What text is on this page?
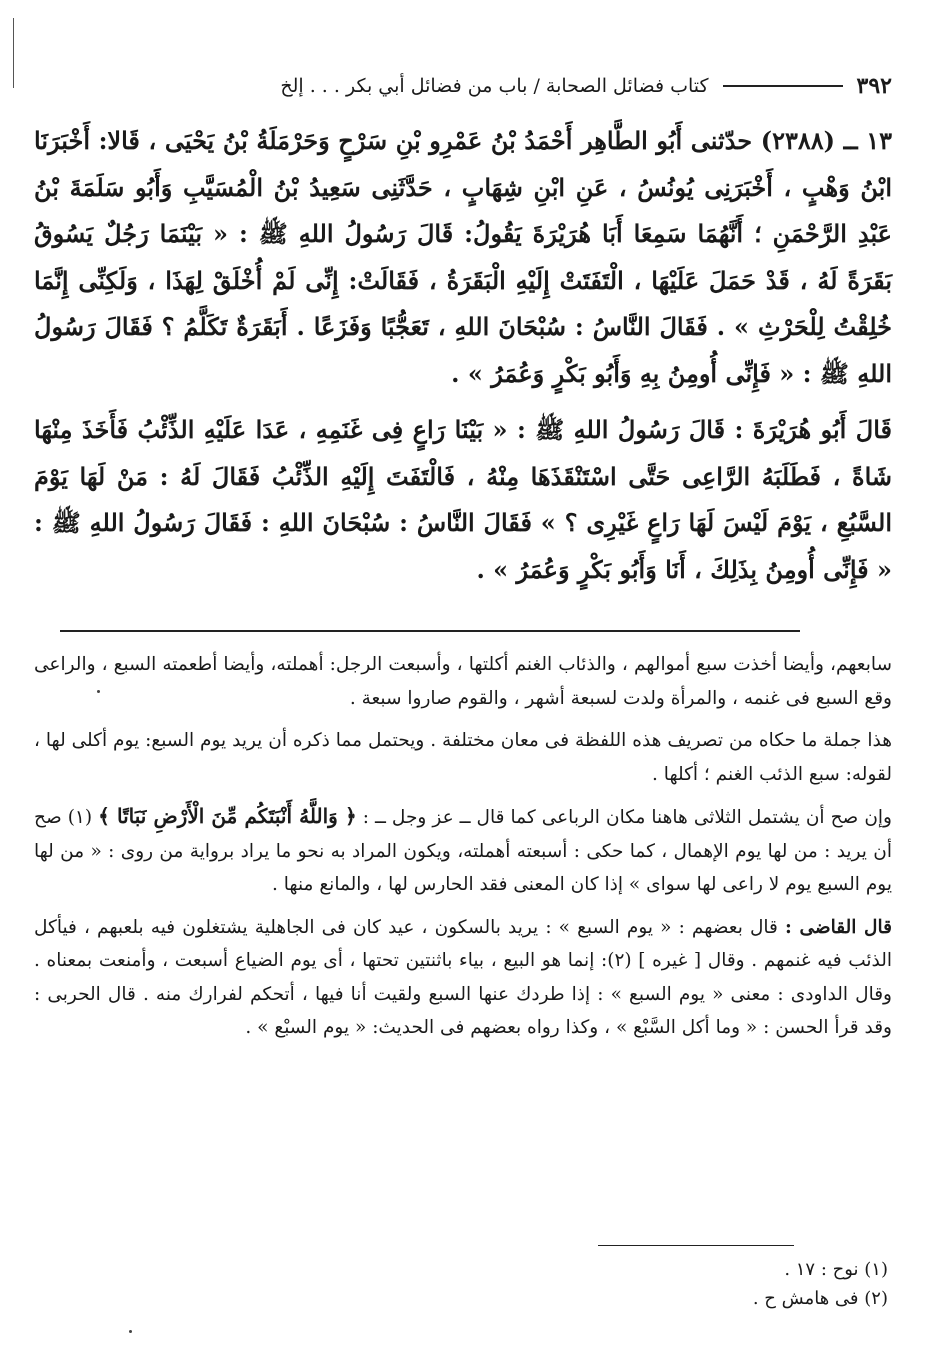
٣٩٢
كتاب فضائل الصحابة / باب من فضائل أبي بكر . . . إلخ

١٣ ــ (٢٣٨٨) حدّثنى أَبُو الطَّاهِر أَحْمَدُ بْنُ عَمْرِو بْنِ سَرْحٍ وَحَرْمَلَةُ بْنُ يَحْيَى ، قَالا: أَخْبَرَنَا ابْنُ وَهْبٍ ، أَخْبَرَنِى يُونُسُ ، عَنِ ابْنِ شِهَابٍ ، حَدَّثَنِى سَعِيدُ بْنُ الْمُسَيَّبِ وَأَبُو سَلَمَةَ بْنُ عَبْدِ الرَّحْمَنِ ؛ أَنَّهُمَا سَمِعَا أَبَا هُرَيْرَةَ يَقُولُ: قَالَ رَسُولُ اللهِ ﷺ : « بَيْنَمَا رَجُلٌ يَسُوقُ بَقَرَةً لَهُ ، قَدْ حَمَلَ عَلَيْهَا ، الْتَفَتَتْ إِلَيْهِ الْبَقَرَةُ ، فَقَالَتْ: إِنِّى لَمْ أُخْلَقْ لِهَذَا ، وَلَكِنِّى إِنَّمَا خُلِقْتُ لِلْحَرْثِ » . فَقَالَ النَّاسُ : سُبْحَانَ اللهِ ، تَعَجُّبًا وَفَزَعًا . أَبَقَرَةٌ تَكَلَّمُ ؟ فَقَالَ رَسُولُ اللهِ ﷺ : « فَإِنِّى أُومِنُ بِهِ وَأَبُو بَكْرٍ وَعُمَرُ » .

قَالَ أَبُو هُرَيْرَةَ : قَالَ رَسُولُ اللهِ ﷺ : « بَيْنَا رَاعٍ فِى غَنَمِهِ ، عَدَا عَلَيْهِ الذِّئْبُ فَأَخَذَ مِنْهَا شَاةً ، فَطَلَبَهُ الرَّاعِى حَتَّى اسْتَنْقَذَهَا مِنْهُ ، فَالْتَفَتَ إِلَيْهِ الذِّئْبُ فَقَالَ لَهُ : مَنْ لَهَا يَوْمَ السَّبُعِ ، يَوْمَ لَيْسَ لَهَا رَاعٍ غَيْرِى ؟ » فَقَالَ النَّاسُ : سُبْحَانَ اللهِ : فَقَالَ رَسُولُ اللهِ ﷺ : « فَإِنِّى أُومِنُ بِذَلِكَ ، أَنَا وَأَبُو بَكْرٍ وَعُمَرُ » .

سابعهم، وأيضا أخذت سبع أموالهم ، والذئاب الغنم أكلتها ، وأسبعت الرجل: أهملته، وأيضا أطعمته السبع ، والراعى وقع السبع فى غنمه ، والمرأة ولدت لسبعة أشهر ، والقوم صاروا سبعة .

هذا جملة ما حكاه من تصريف هذه اللفظة فى معان مختلفة . ويحتمل مما ذكره أن يريد يوم السبع: يوم أكلى لها ، لقوله: سبع الذئب الغنم ؛ أكلها .

وإن صح أن يشتمل الثلاثى هاهنا مكان الرباعى كما قال ــ عز وجل ــ : ﴿ وَاللَّهُ أَنْبَتَكُم مِّنَ الْأَرْضِ نَبَاتًا ﴾ (١) صح أن يريد : من لها يوم الإهمال ، كما حكى : أسبعته أهملته، ويكون المراد به نحو ما يراد برواية من روى : « من لها يوم السبع يوم لا راعى لها سواى » إذا كان المعنى فقد الحارس لها ، والمانع منها .

قال القاضى : قال بعضهم : « يوم السبع » : يريد بالسكون ، عيد كان فى الجاهلية يشتغلون فيه بلعبهم ، فيأكل الذئب فيه غنمهم . وقال [ غيره ] (٢): إنما هو البيع ، بياء باثنتين تحتها ، أى يوم الضياع أسبعت ، وأمنعت بمعناه . وقال الداودى : معنى « يوم السبع » : إذا طردك عنها السبع ولقيت أنا فيها ، أتحكم لفرارك منه . قال الحربى : وقد قرأ الحسن : « وما أكل السَّبْع » ، وكذا رواه بعضهم فى الحديث: « يوم السبْع » .

(١) نوح : ١٧ .
(٢) فى هامش ح .
